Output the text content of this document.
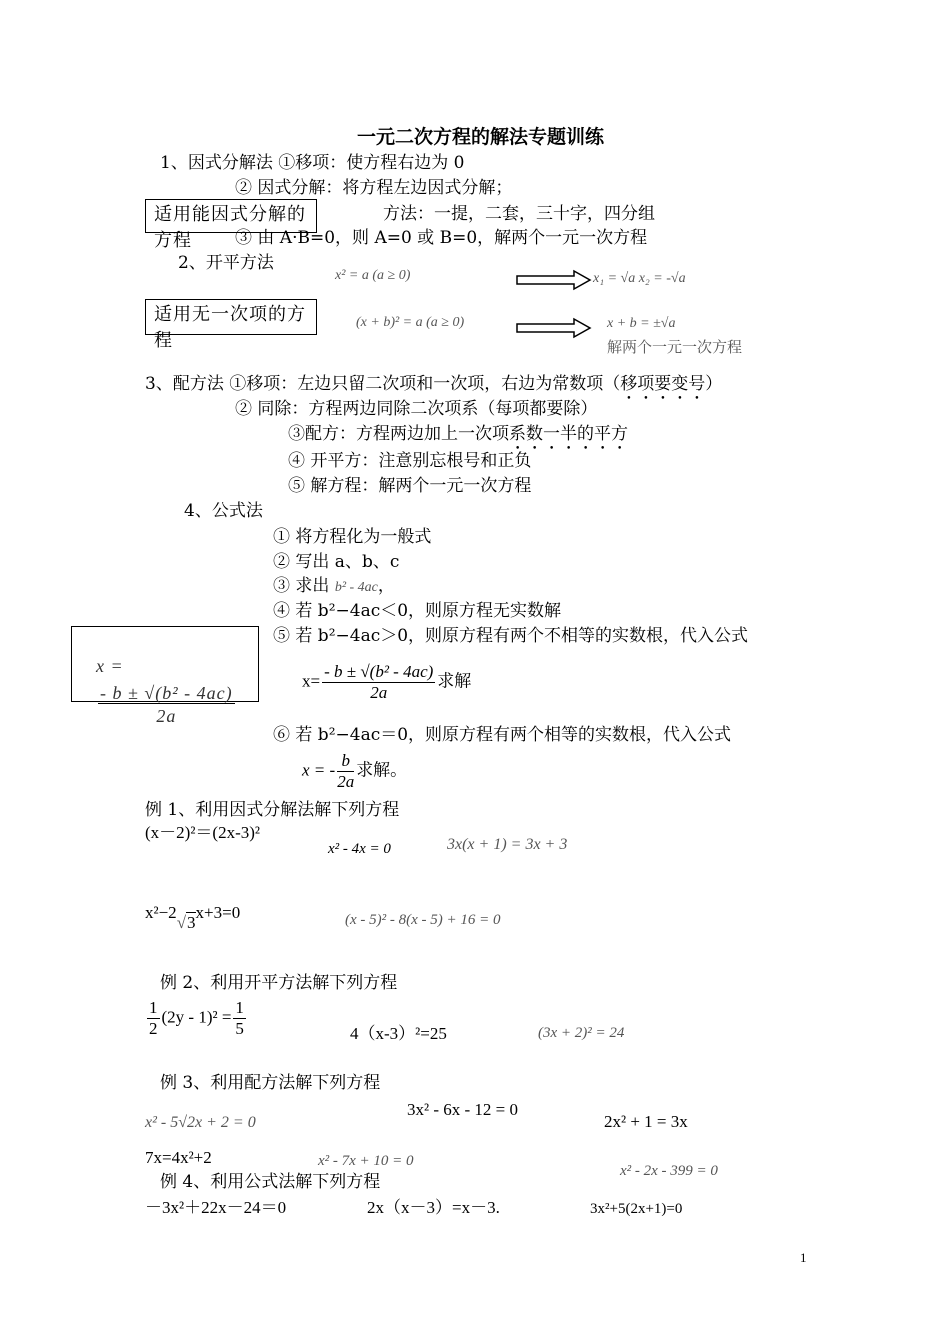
一元二次方程的解法专题训练
1、因式分解法 ①移项：使方程右边为 0
② 因式分解：将方程左边因式分解；
适用能因式分解的方程
方法：一提，二套，三十字，四分组
③ 由 A·B=0，则 A=0 或 B=0，解两个一元一次方程
2、开平方法
x² = a (a ≥ 0)	x₁ = √a x₂ = -√a
适用无一次项的方程
(x + b)² = a (a ≥ 0)	x + b = ±√a
解两个一元一次方程
3、配方法 ①移项：左边只留二次项和一次项，右边为常数项（移项要变号）
② 同除：方程两边同除二次项系（每项都要除）
③配方：方程两边加上一次项系数一半的平方
④ 开平方：注意别忘根号和正负
⑤ 解方程：解两个一元一次方程
4、公式法
① 将方程化为一般式
② 写出 a、b、c
③ 求出 b² - 4ac，
④ 若 b²−4ac＜0，则原方程无实数解
⑤ 若 b²−4ac＞0，则原方程有两个不相等的实数根，代入公式
x =
- b ± √(b² - 4ac)
2a
$x= \frac{\text{- b ± √(b² - 4ac)}}{2a}$ 求解
⑥ 若 b²−4ac＝0，则原方程有两个相等的实数根，代入公式
x = - $\frac{b}{2a}$ 求解。
例 1、利用因式分解法解下列方程
(x－2)²＝(2x-3)²
x² - 4x = 0	3x(x + 1) = 3x + 3
x²−2√3x+3=0	(x - 5)² - 8(x - 5) + 16 = 0
例 2、利用开平方法解下列方程
$\frac{1}{2} (2y - 1)^2 = \frac{1}{5}$	4（x-3）²=25	(3x + 2)² = 24
例 3、利用配方法解下列方程
x² - 5√2x + 2 = 0
3x² - 6x - 12 = 0
2x² + 1 = 3x
7x=4x²+2	x² - 7x + 10 = 0
x² - 2x - 399 = 0
例 4、利用公式法解下列方程
－3x²＋22x－24＝0	2x（x－3）=x－3.	3x²+5(2x+1)=0
1
